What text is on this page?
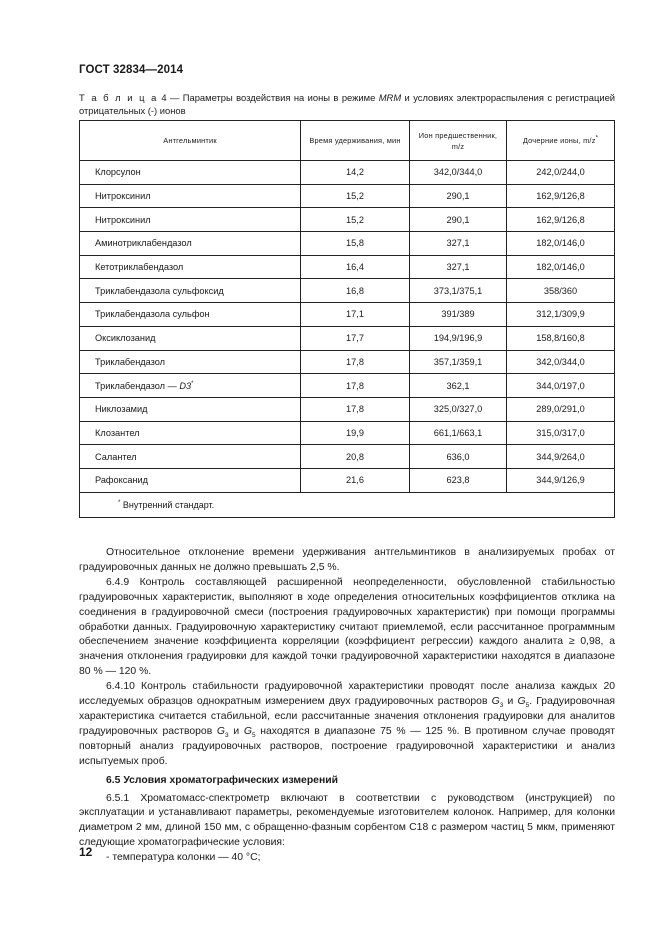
ГОСТ 32834—2014
Т а б л и ц а 4 — Параметры воздействия на ионы в режиме MRM и условиях электрораспыления с регистрацией отрицательных (-) ионов
Антгельминтик	Время удерживания, мин	Ион предшественник, m/z	Дочерние ионы, m/z*
Клорсулон	14,2	342,0/344,0	242,0/244,0
Нитроксинил	15,2	290,1	162,9/126,8
Нитроксинил	15,2	290,1	162,9/126,8
Аминотриклабендазол	15,8	327,1	182,0/146,0
Кетотриклабендазол	16,4	327,1	182,0/146,0
Триклабендазола сульфоксид	16,8	373,1/375,1	358/360
Триклабендазола сульфон	17,1	391/389	312,1/309,9
Оксиклозанид	17,7	194,9/196,9	158,8/160,8
Триклабендазол	17,8	357,1/359,1	342,0/344,0
Триклабендазол — D3*	17,8	362,1	344,0/197,0
Никлозамид	17,8	325,0/327,0	289,0/291,0
Клозантел	19,9	661,1/663,1	315,0/317,0
Салантел	20,8	636,0	344,9/264,0
Рафоксанид	21,6	623,8	344,9/126,9
* Внутренний стандарт.			

Относительное отклонение времени удерживания антгельминтиков в анализируемых пробах от градуировочных данных не должно превышать 2,5 %.

6.4.9 Контроль составляющей расширенной неопределенности, обусловленной стабильностью градуировочных характеристик, выполняют в ходе определения относительных коэффициентов отклика на соединения в градуировочной смеси (построения градуировочных характеристик) при помощи программы обработки данных. Градуировочную характеристику считают приемлемой, если рассчитанное программным обеспечением значение коэффициента корреляции (коэффициент регрессии) каждого аналита ≥ 0,98, а значения отклонения градуировки для каждой точки градуировочной характеристики находятся в диапазоне 80 % — 120 %.

6.4.10 Контроль стабильности градуировочной характеристики проводят после анализа каждых 20 исследуемых образцов однократным измерением двух градуировочных растворов $G_3$ и $G_5$. Градуировочная характеристика считается стабильной, если рассчитанные значения отклонения градуировки для аналитов градуировочных растворов $G_3$ и $G_5$ находятся в диапазоне 75 % — 125 %. В противном случае проводят повторный анализ градуировочных растворов, построение градуировочной характеристики и анализ испытуемых проб.

6.5 Условия хроматографических измерений

6.5.1 Хроматомасс-спектрометр включают в соответствии с руководством (инструкцией) по эксплуатации и устанавливают параметры, рекомендуемые изготовителем колонок. Например, для колонки диаметром 2 мм, длиной 150 мм, с обращенно-фазным сорбентом С18 с размером частиц 5 мкм, применяют следующие хроматографические условия:

- температура колонки — 40 °С;

12
